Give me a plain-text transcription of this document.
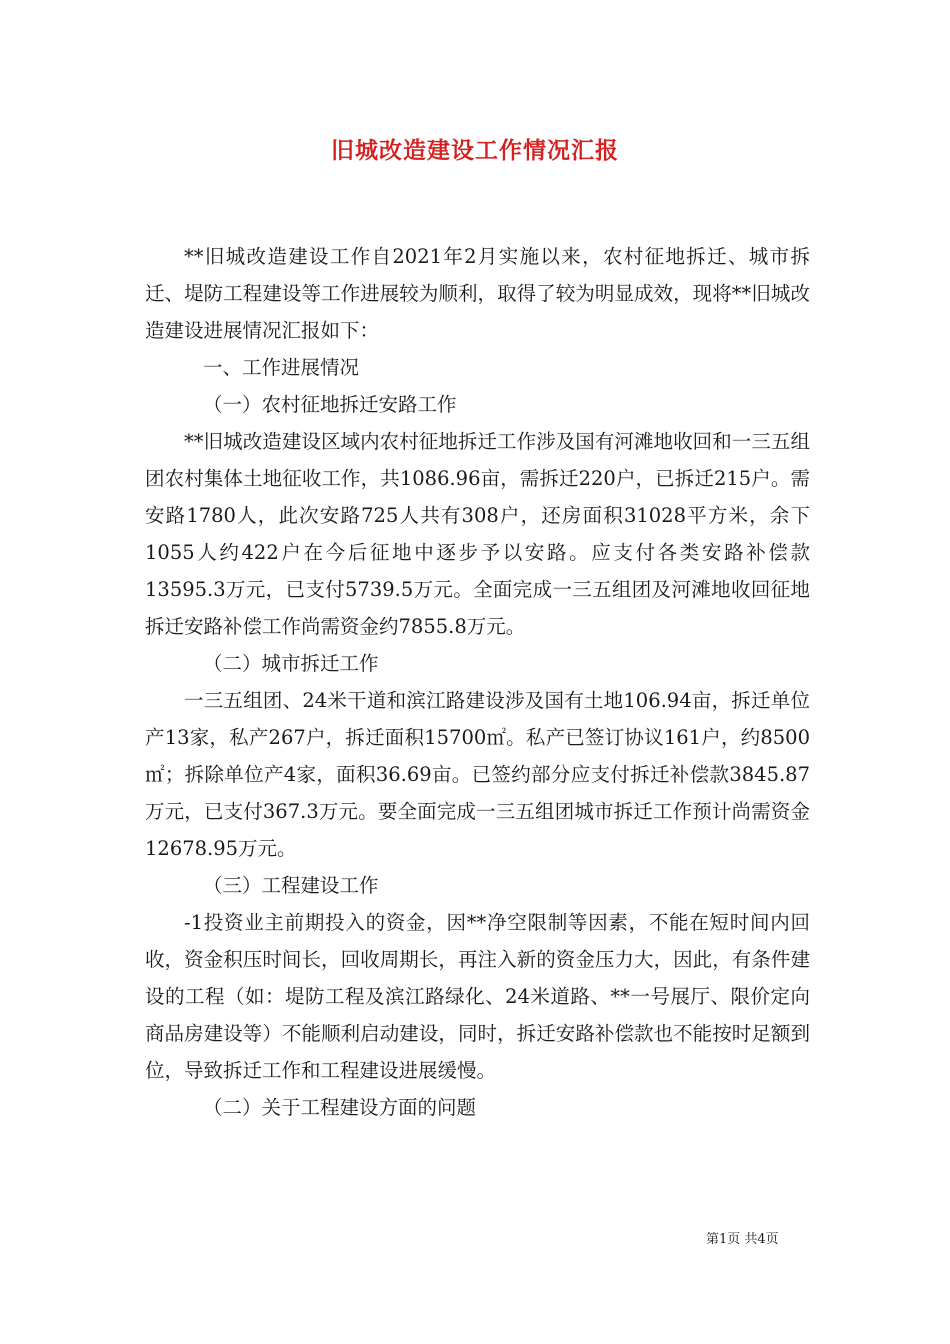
旧城改造建设工作情况汇报

**旧城改造建设工作自2021年2月实施以来，农村征地拆迁、城市拆迁、堤防工程建设等工作进展较为顺利，取得了较为明显成效，现将**旧城改造建设进展情况汇报如下：

一、工作进展情况

（一）农村征地拆迁安路工作

**旧城改造建设区域内农村征地拆迁工作涉及国有河滩地收回和一三五组团农村集体土地征收工作，共1086.96亩，需拆迁220户，已拆迁215户。需安路1780人，此次安路725人共有308户，还房面积31028平方米，余下1055人约422户在今后征地中逐步予以安路。应支付各类安路补偿款13595.3万元，已支付5739.5万元。全面完成一三五组团及河滩地收回征地拆迁安路补偿工作尚需资金约7855.8万元。

（二）城市拆迁工作

一三五组团、24米干道和滨江路建设涉及国有土地106.94亩，拆迁单位产13家，私产267户，拆迁面积15700㎡。私产已签订协议161户，约8500㎡；拆除单位产4家，面积36.69亩。已签约部分应支付拆迁补偿款3845.87万元，已支付367.3万元。要全面完成一三五组团城市拆迁工作预计尚需资金12678.95万元。

（三）工程建设工作

-1投资业主前期投入的资金，因**净空限制等因素，不能在短时间内回收，资金积压时间长，回收周期长，再注入新的资金压力大，因此，有条件建设的工程（如：堤防工程及滨江路绿化、24米道路、**一号展厅、限价定向商品房建设等）不能顺利启动建设，同时，拆迁安路补偿款也不能按时足额到位，导致拆迁工作和工程建设进展缓慢。

（二）关于工程建设方面的问题

第1页 共4页
